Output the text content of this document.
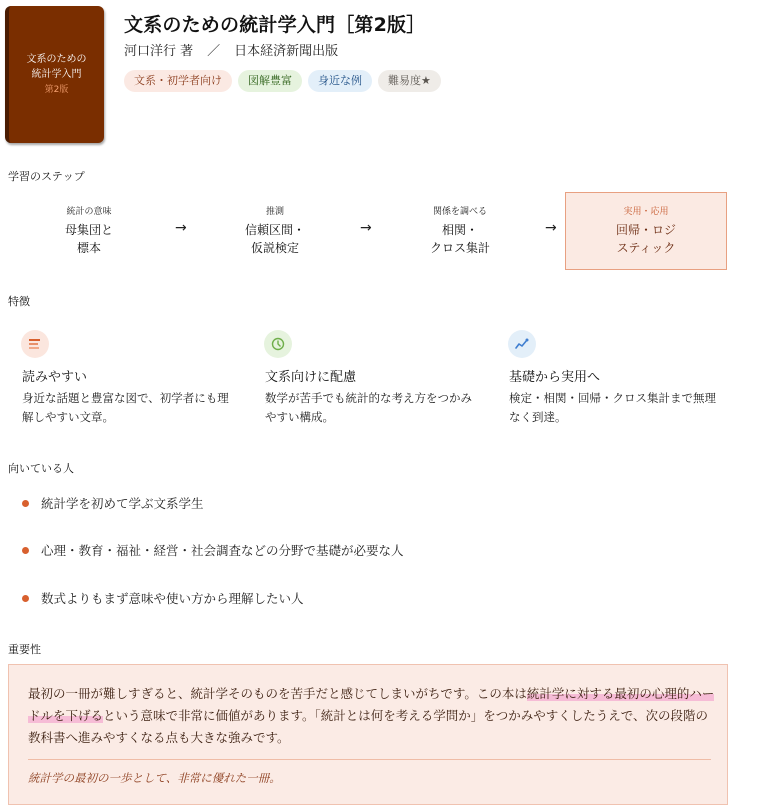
文系のための
統計学入門
第2版
文系のための統計学入門［第2版］
河口洋行 著 ／ 日本経済新聞出版
文系・初学者向け	図解豊富	身近な例	難易度★
学習のステップ
統計の意味
母集団と
標本
→
推測
信頼区間・
仮説検定
→
関係を調べる
相関・
クロス集計
→
実用・応用
回帰・ロジ
スティック
特徴
読みやすい
身近な話題と豊富な図で、初学者にも理解しやすい文章。
文系向けに配慮
数学が苦手でも統計的な考え方をつかみやすい構成。
基礎から実用へ
検定・相関・回帰・クロス集計まで無理なく到達。
向いている人
統計学を初めて学ぶ文系学生
心理・教育・福祉・経営・社会調査などの分野で基礎が必要な人
数式よりもまず意味や使い方から理解したい人
重要性
最初の一冊が難しすぎると、統計学そのものを苦手だと感じてしまいがちです。この本は統計学に対する最初の心理的ハードルを下げるという意味で非常に価値があります。「統計とは何を考える学問か」をつかみやすくしたうえで、次の段階の教科書へ進みやすくなる点も大きな強みです。
統計学の最初の一歩として、非常に優れた一冊。
